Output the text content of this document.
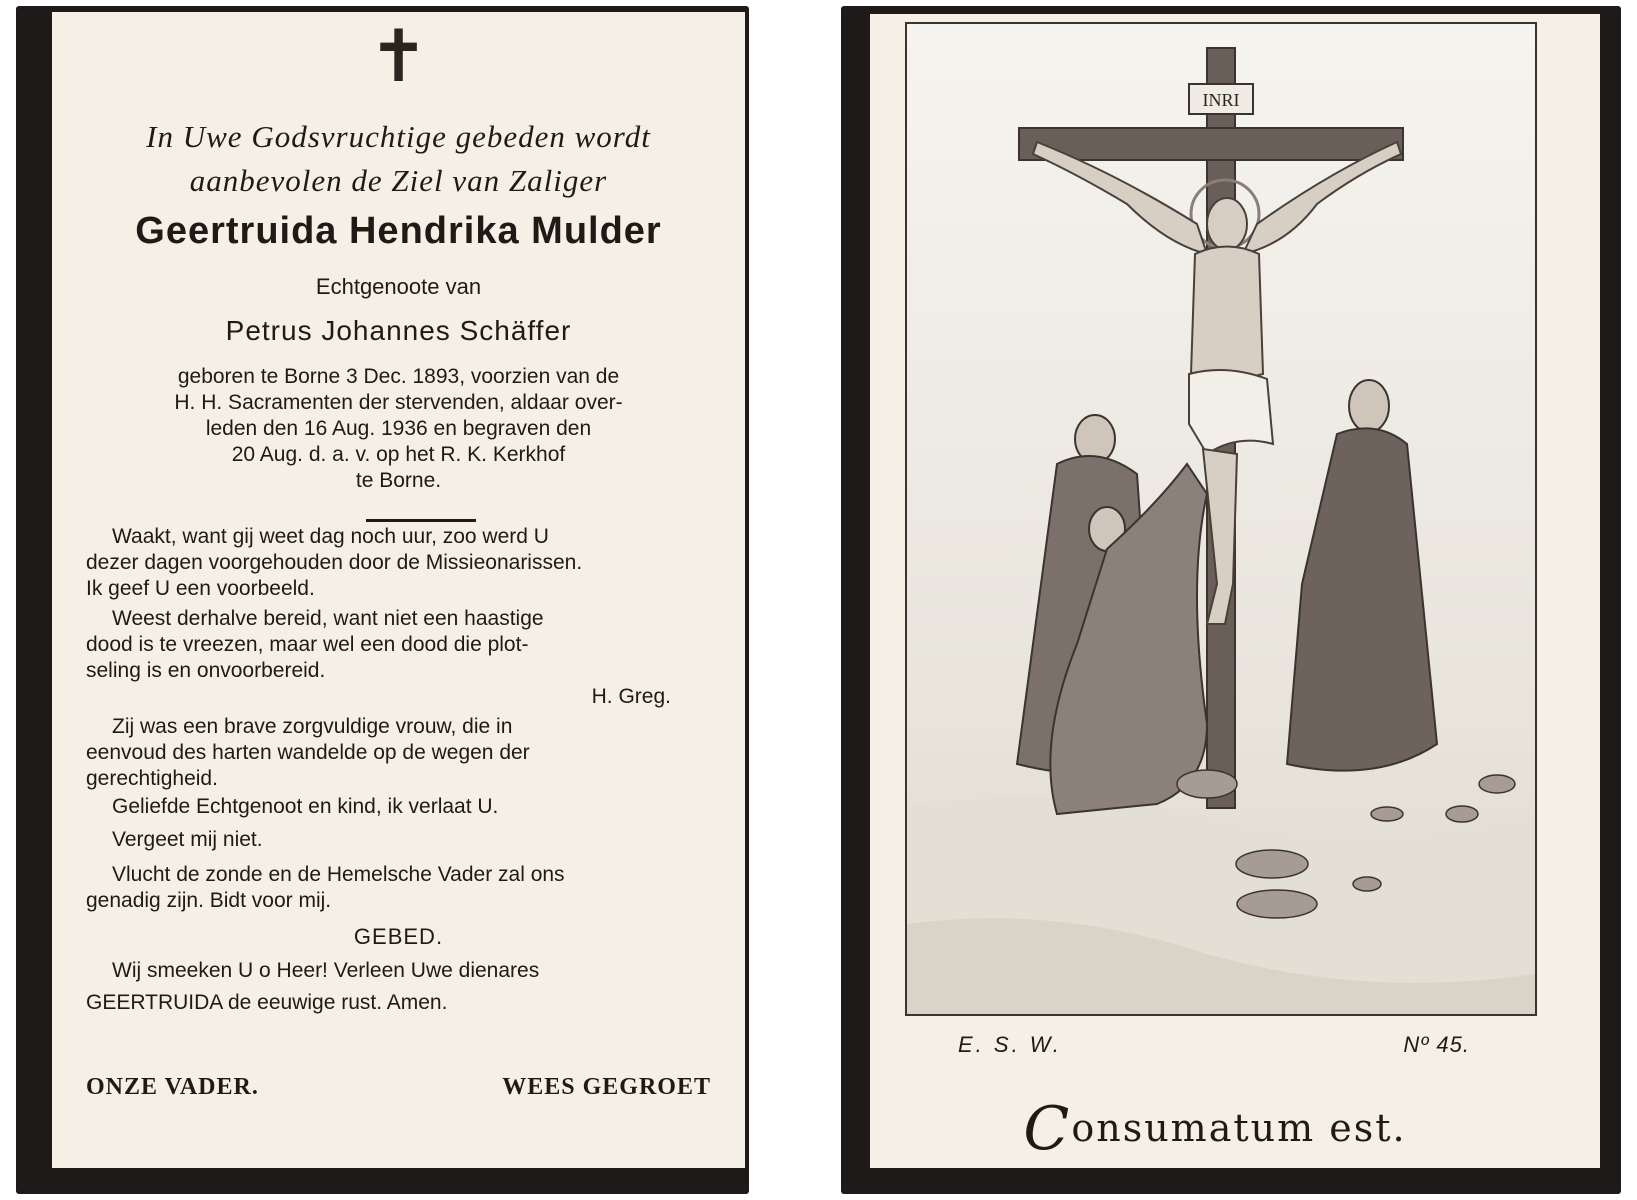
✝
In Uwe Godsvruchtige gebeden wordt
aanbevolen de Ziel van Zaliger
Geertruida Hendrika Mulder
Echtgenoote van
Petrus Johannes Schäffer
geboren te Borne 3 Dec. 1893, voorzien van de
H. H. Sacramenten der stervenden, aldaar over-
leden den 16 Aug. 1936 en begraven den
20 Aug. d. a. v. op het R. K. Kerkhof
te Borne.
Waakt, want gij weet dag noch uur, zoo werd U
dezer dagen voorgehouden door de Missieonarissen.
Ik geef U een voorbeeld.
Weest derhalve bereid, want niet een haastige
dood is te vreezen, maar wel een dood die plot-
seling is en onvoorbereid.
H. Greg.
Zij was een brave zorgvuldige vrouw, die in
eenvoud des harten wandelde op de wegen der
gerechtigheid.
Geliefde Echtgenoot en kind, ik verlaat U.
Vergeet mij niet.
Vlucht de zonde en de Hemelsche Vader zal ons
genadig zijn. Bidt voor mij.
GEBED.
Wij smeeken U o Heer! Verleen Uwe dienares
GEERTRUIDA de eeuwige rust. Amen.
ONZE VADER.	WEES GEGROET
INRI
E. S. W.	Nº 45.
Consumatum est.
